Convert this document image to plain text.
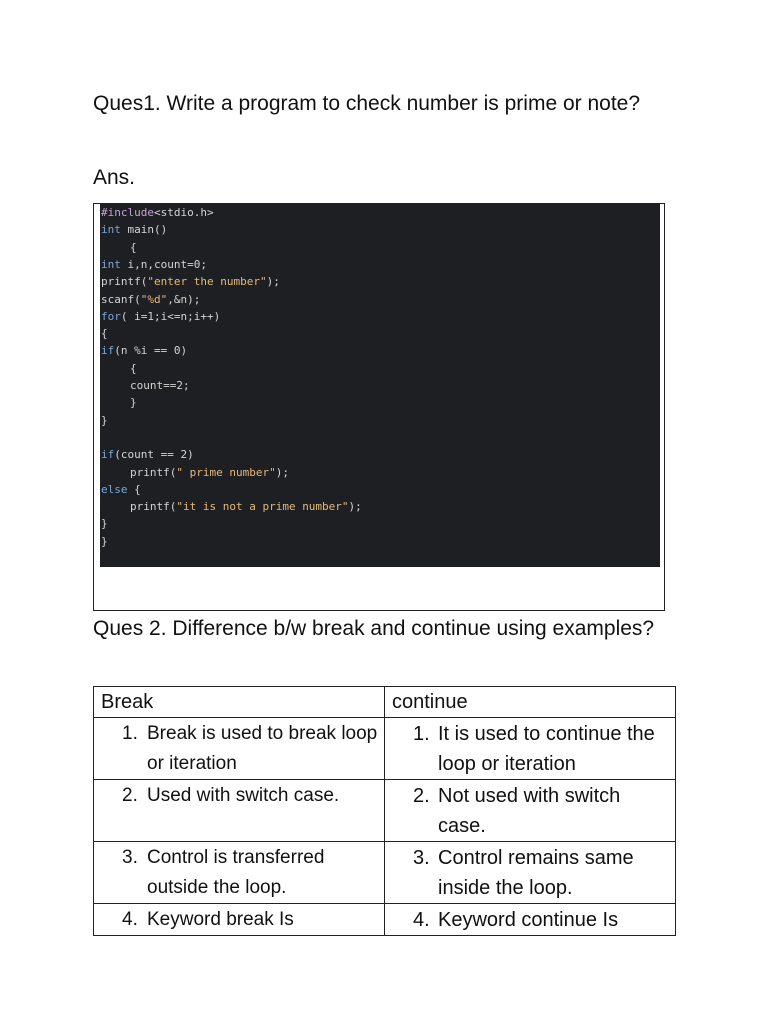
Ques1. Write a program to check number is prime or note?
Ans.
#include<stdio.h>
int main()
{
int i,n,count=0;
printf("enter the number");
scanf("%d",&n);
for( i=1;i<=n;i++)
{
if(n %i == 0)
{
count==2;
}
}
if(count == 2)
printf(" prime number");
else {
printf("it is not a prime number");
}
}
Ques 2. Difference b/w break and continue using examples?
Break	continue

1. Break is used to break loop or iteration	1. It is used to continue the loop or iteration

2. Used with switch case.	2. Not used with switch case.

3. Control is transferred outside the loop.	3. Control remains same inside the loop.

4. Keyword break Is	4. Keyword continue Is
